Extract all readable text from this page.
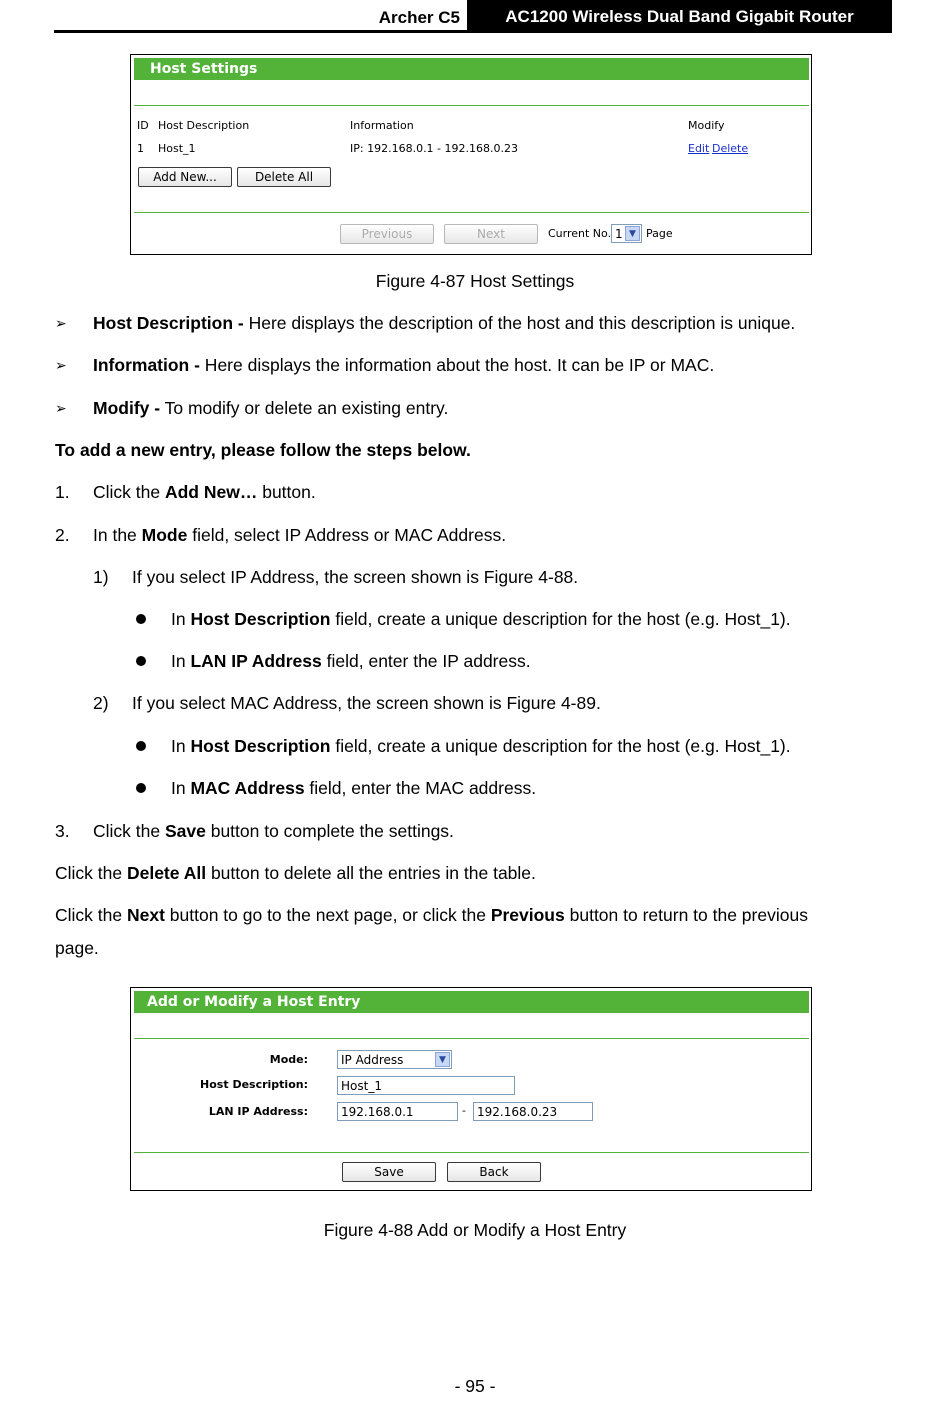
Archer C5	AC1200 Wireless Dual Band Gigabit Router
Host Settings
ID Host Description	Information	Modify
1 Host_1	IP: 192.168.0.1 - 192.168.0.23	Edit Delete
Add New...	Delete All
Previous	Next	Current No. 1 ▼ Page
Figure 4-87 Host Settings
➢ Host Description - Here displays the description of the host and this description is unique.
➢ Information - Here displays the information about the host. It can be IP or MAC.
➢ Modify - To modify or delete an existing entry.
To add a new entry, please follow the steps below.
1. Click the Add New… button.
2. In the Mode field, select IP Address or MAC Address.
1) If you select IP Address, the screen shown is Figure 4-88.
In Host Description field, create a unique description for the host (e.g. Host_1).
In LAN IP Address field, enter the IP address.
2) If you select MAC Address, the screen shown is Figure 4-89.
In Host Description field, create a unique description for the host (e.g. Host_1).
In MAC Address field, enter the MAC address.
3. Click the Save button to complete the settings.
Click the Delete All button to delete all the entries in the table.
Click the Next button to go to the next page, or click the Previous button to return to the previous
page.
Add or Modify a Host Entry
Mode:	IP Address	▼
Host Description:	Host_1
LAN IP Address:	192.168.0.1	- 192.168.0.23
Save	Back
Figure 4-88 Add or Modify a Host Entry
- 95 -
